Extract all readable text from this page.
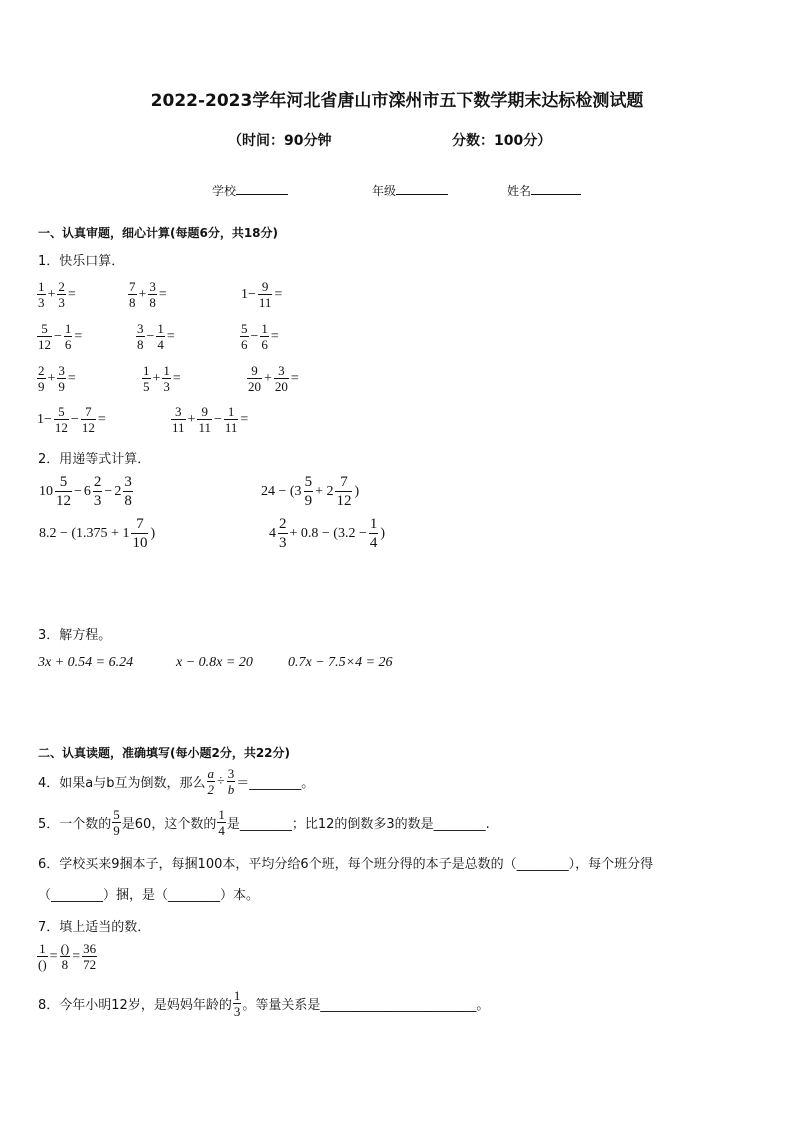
2022-2023学年河北省唐山市滦州市五下数学期末达标检测试题
（时间：90分钟	分数：100分）
学校	年级	姓名
一、认真审题，细心计算(每题6分，共18分)
1．快乐口算．
$\frac{1}{3} + \frac{2}{3}$ =	$\frac{7}{8} + \frac{3}{8}$ =	$1- \frac{9}{11}$ =
$\frac{5}{12} - \frac{1}{6}$ =	$\frac{3}{8} - \frac{1}{4}$ =	$\frac{5}{6} - \frac{1}{6}$ =
$\frac{2}{9} + \frac{3}{9}$ =	$\frac{1}{5} + \frac{1}{3}$ =	$\frac{9}{20} + \frac{3}{20}$ =
$1- \frac{5}{12} - \frac{7}{12}$ =	$\frac{3}{11} + \frac{9}{11} - \frac{1}{11}$ =
2．用递等式计算．
$10 \frac{5}{12} - 6 \frac{2}{3} - 2 \frac{3}{8}$	$24 - (3 \frac{5}{9} + 2 \frac{7}{12}$ )
$8.2 - (1.375 + 1 \frac{7}{10}$ )	$4 \frac{2}{3} + 0.8 - (3.2 - \frac{1}{4}$ )
3．解方程。
3x + 0.54 = 6.24	x − 0.8x = 20	0.7x − 7.5×4 = 26
二、认真读题，准确填写(每小题2分，共22分)
4．如果a与b互为倒数，那么 $\frac{a}{2} \div \frac{3}{b}$ ＝________。
5．一个数的 $\frac{5}{9}$ 是60，这个数的 $\frac{1}{4}$ 是________；比12的倒数多3的数是________.
6．学校买来9捆本子，每捆100本，平均分给6个班，每个班分得的本子是总数的（________），每个班分得
（________）捆，是（________）本。
7．填上适当的数．
$\frac{1}{()} = \frac{()}{8} = \frac{36}{72}$
8．今年小明12岁，是妈妈年龄的 $\frac{1}{3}$ 。等量关系是________________________。
